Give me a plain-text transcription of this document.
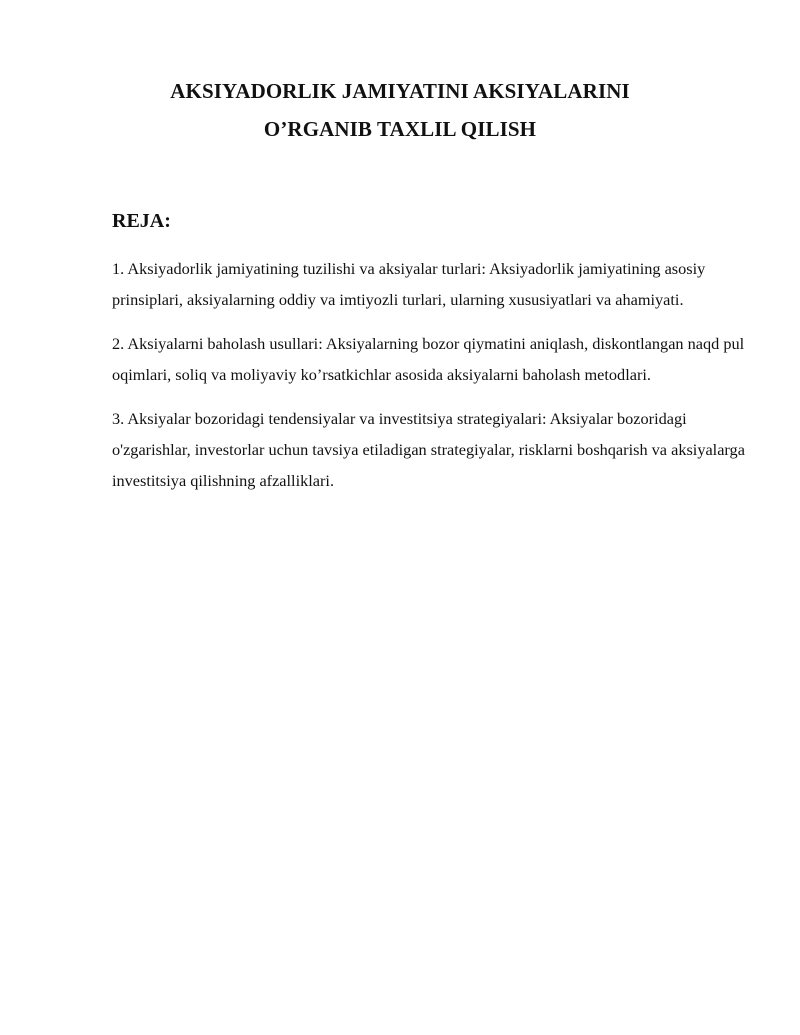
AKSIYADORLIK JAMIYATINI AKSIYALARINI
O’RGANIB TAXLIL QILISH
REJA:

1. Aksiyadorlik jamiyatining tuzilishi va aksiyalar turlari: Aksiyadorlik jamiyatining asosiy prinsiplari, aksiyalarning oddiy va imtiyozli turlari, ularning xususiyatlari va ahamiyati.

2. Aksiyalarni baholash usullari: Aksiyalarning bozor qiymatini aniqlash, diskontlangan naqd pul oqimlari, soliq va moliyaviy ko’rsatkichlar asosida aksiyalarni baholash metodlari.

3. Aksiyalar bozoridagi tendensiyalar va investitsiya strategiyalari: Aksiyalar bozoridagi o'zgarishlar, investorlar uchun tavsiya etiladigan strategiyalar, risklarni boshqarish va aksiyalarga investitsiya qilishning afzalliklari.
